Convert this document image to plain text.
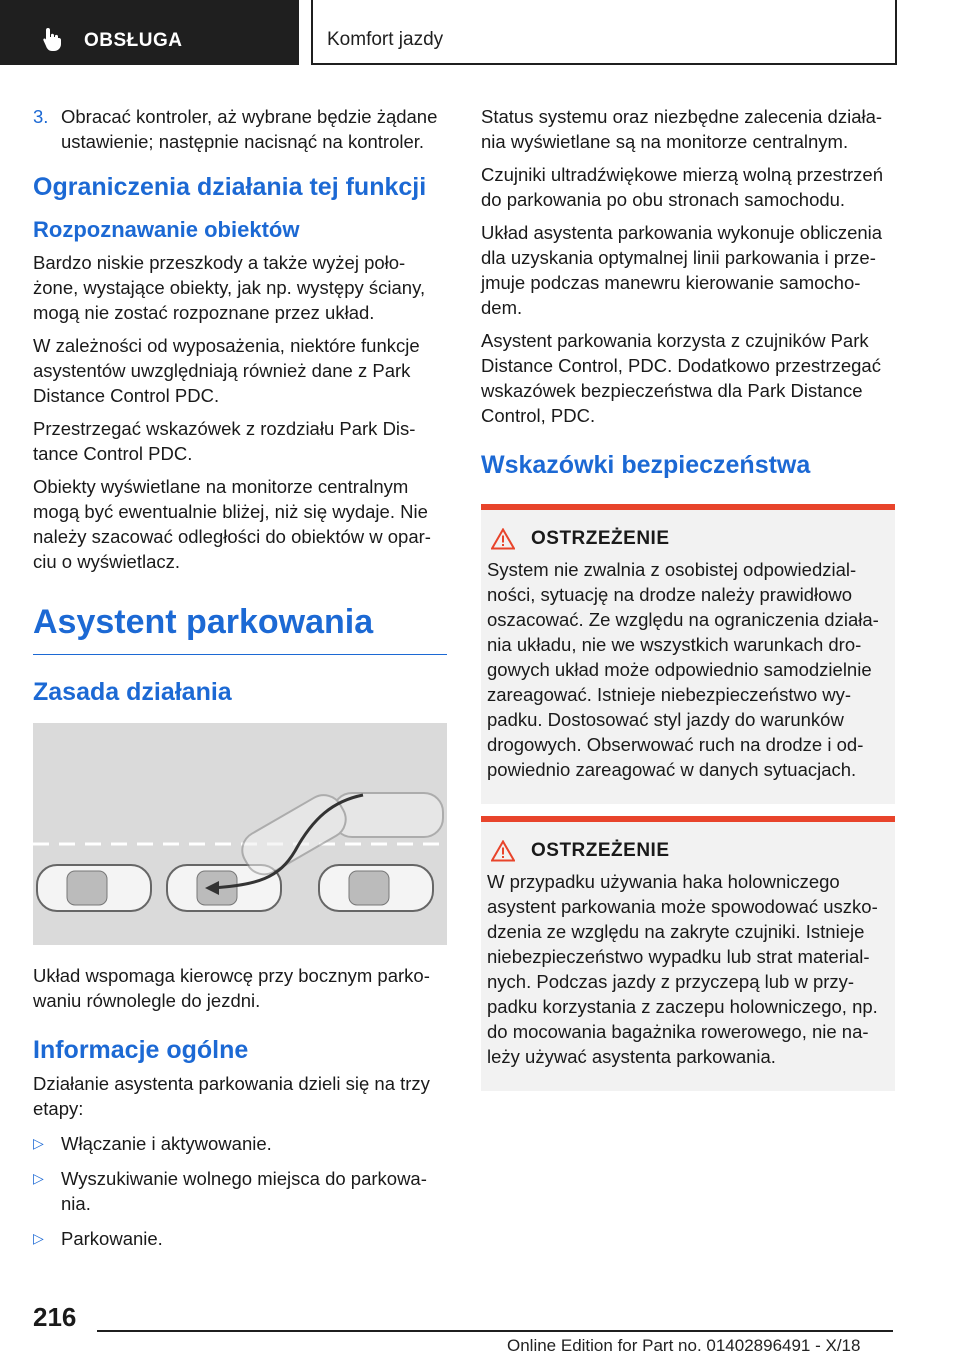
OBSŁUGA	Komfort jazdy
3. Obracać kontroler, aż wybrane będzie żądane ustawienie; następnie nacisnąć na kontroler.
Ograniczenia działania tej funkcji
Rozpoznawanie obiektów

Bardzo niskie przeszkody a także wyżej poło- żone, wystające obiekty, jak np. występy ściany, mogą nie zostać rozpoznane przez układ.

W zależności od wyposażenia, niektóre funkcje asystentów uwzględniają również dane z Park Distance Control PDC.

Przestrzegać wskazówek z rozdziału Park Dis- tance Control PDC.

Obiekty wyświetlane na monitorze centralnym mogą być ewentualnie bliżej, niż się wydaje. Nie należy szacować odległości do obiektów w opar- ciu o wyświetlacz.

Asystent parkowania
Zasada działania

Układ wspomaga kierowcę przy bocznym parko- waniu równolegle do jezdni.

Informacje ogólne

Działanie asystenta parkowania dzieli się na trzy etapy:

▷ Włączanie i aktywowanie.
▷ Wyszukiwanie wolnego miejsca do parkowa- nia.
▷ Parkowanie.

Status systemu oraz niezbędne zalecenia działa- nia wyświetlane są na monitorze centralnym.

Czujniki ultradźwiękowe mierzą wolną przestrzeń do parkowania po obu stronach samochodu.

Układ asystenta parkowania wykonuje obliczenia dla uzyskania optymalnej linii parkowania i prze- jmuje podczas manewru kierowanie samocho- dem.

Asystent parkowania korzysta z czujników Park Distance Control, PDC. Dodatkowo przestrzegać wskazówek bezpieczeństwa dla Park Distance Control, PDC.

Wskazówki bezpieczeństwa
OSTRZEŻENIE

System nie zwalnia z osobistej odpowiedzial- ności, sytuację na drodze należy prawidłowo oszacować. Ze względu na ograniczenia działa- nia układu, nie we wszystkich warunkach dro- gowych układ może odpowiednio samodzielnie zareagować. Istnieje niebezpieczeństwo wy- padku. Dostosować styl jazdy do warunków drogowych. Obserwować ruch na drodze i od- powiednio zareagować w danych sytuacjach.

OSTRZEŻENIE

W przypadku używania haka holowniczego asystent parkowania może spowodować uszko- dzenia ze względu na zakryte czujniki. Istnieje niebezpieczeństwo wypadku lub strat material- nych. Podczas jazdy z przyczepą lub w przy- padku korzystania z zaczepu holowniczego, np. do mocowania bagażnika rowerowego, nie na- leży używać asystenta parkowania.

216
Online Edition for Part no. 01402896491 - X/18
